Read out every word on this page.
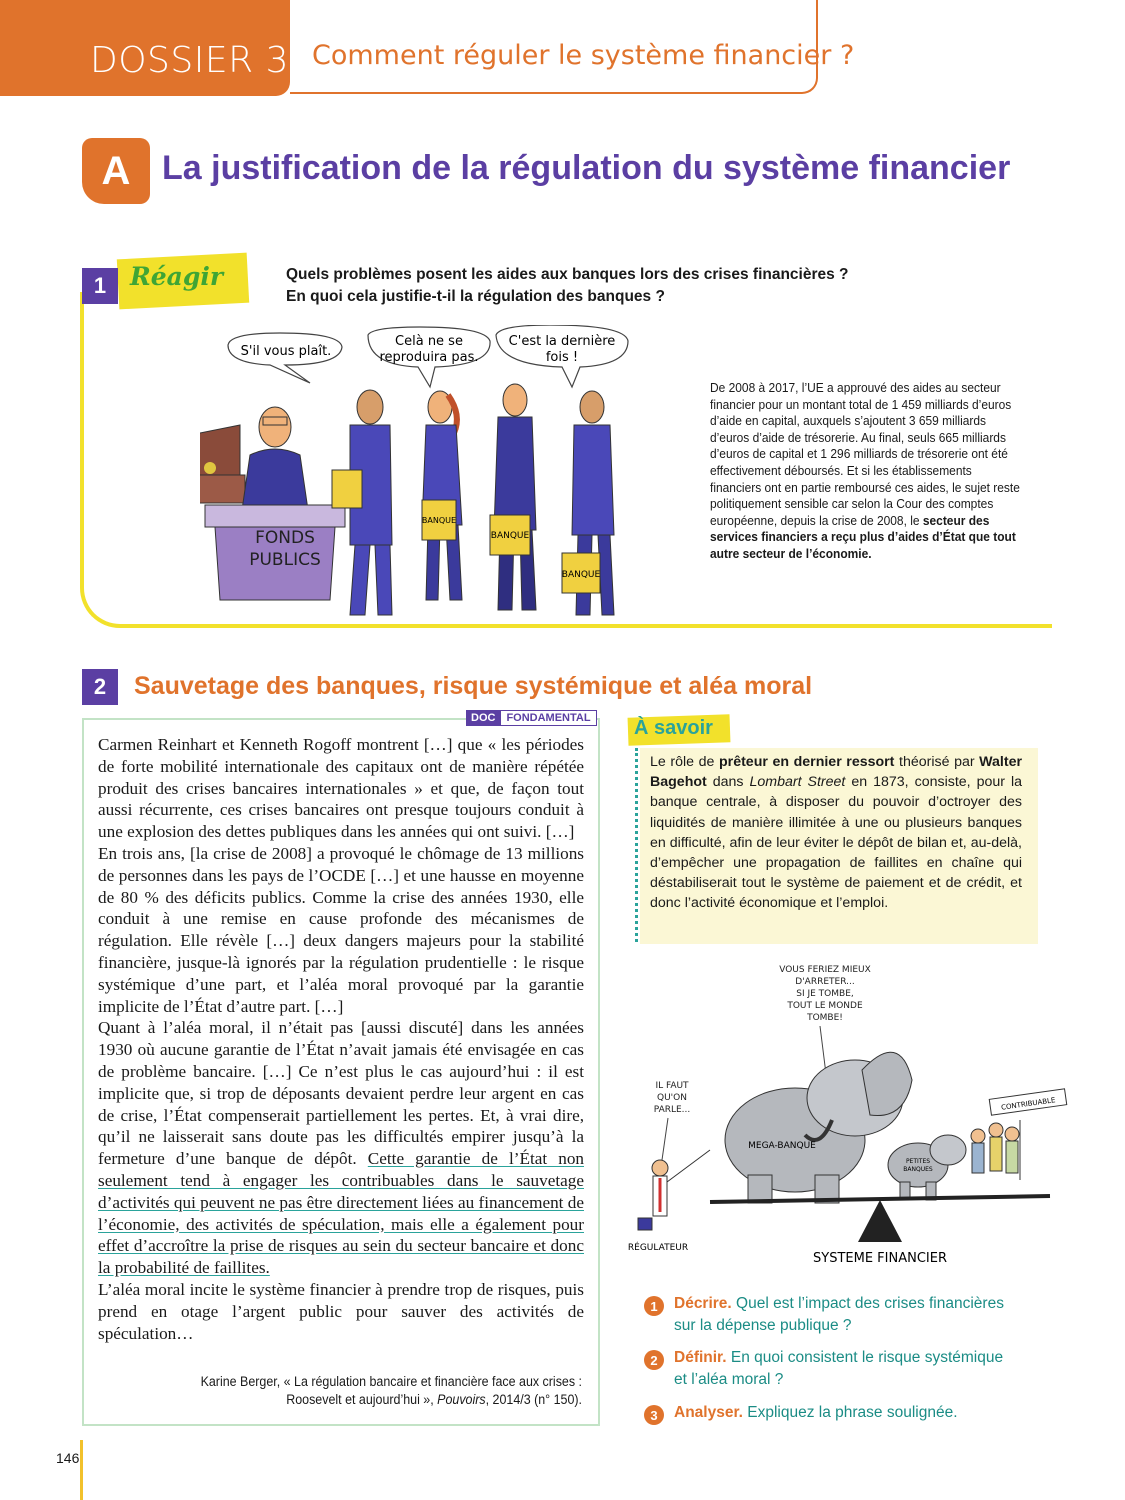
DOSSIER 3 Comment réguler le système financier ?
A La justification de la régulation du système financier
1 Réagir	Quels problèmes posent les aides aux banques lors des crises financières ?
En quoi cela justifie-t-il la régulation des banques ?
S'il vous plaît.
Celà ne se
reproduira pas.
C'est la dernière
fois !
FONDS
PUBLICS
BANQUE
BANQUE
BANQUE
De 2008 à 2017, l’UE a approuvé des aides au secteur financier pour un montant total de 1 459 milliards d’euros d’aide en capital, auxquels s’ajoutent 3 659 milliards d’euros d’aide de trésorerie. Au final, seuls 665 milliards d’euros de capital et 1 296 milliards de trésorerie ont été effectivement déboursés. Et si les établissements financiers ont en partie remboursé ces aides, le sujet reste politiquement sensible car selon la Cour des comptes européenne, depuis la crise de 2008, le secteur des services financiers a reçu plus d’aides d’État que tout autre secteur de l’économie.
2	Sauvetage des banques, risque systémique et aléa moral
DOC	FONDAMENTAL

Carmen Reinhart et Kenneth Rogoff montrent […] que « les périodes de forte mobilité internationale des capitaux ont de manière répétée produit des crises bancaires internationales » et que, de façon tout aussi récurrente, ces crises bancaires ont presque toujours conduit à une explosion des dettes publiques dans les années qui ont suivi. […]

En trois ans, [la crise de 2008] a provoqué le chômage de 13 millions de personnes dans les pays de l’OCDE […] et une hausse en moyenne de 80 % des déficits publics. Comme la crise des années 1930, elle conduit à une remise en cause profonde des mécanismes de régulation. Elle révèle […] deux dangers majeurs pour la stabilité financière, jusque-là ignorés par la régulation prudentielle : le risque systémique d’une part, et l’aléa moral provoqué par la garantie implicite de l’État d’autre part. […]

Quant à l’aléa moral, il n’était pas [aussi discuté] dans les années 1930 où aucune garantie de l’État n’avait jamais été envisagée en cas de problème bancaire. […] Ce n’est plus le cas aujourd’hui : il est implicite que, si trop de déposants devaient perdre leur argent en cas de crise, l’État compenserait partiellement les pertes. Et, à vrai dire, qu’il ne laisserait sans doute pas les difficultés empirer jusqu’à la fermeture d’une banque de dépôt. Cette garantie de l’État non seulement tend à engager les contribuables dans le sauvetage d’activités qui peuvent ne pas être directement liées au financement de l’économie, des activités de spéculation, mais elle a également pour effet d’accroître la prise de risques au sein du secteur bancaire et donc la probabilité de faillites.

L’aléa moral incite le système financier à prendre trop de risques, puis prend en otage l’argent public pour sauver des activités de spéculation…

Karine Berger, « La régulation bancaire et financière face aux crises :
Roosevelt et aujourd’hui », Pouvoirs, 2014/3 (n° 150).
À savoir
Le rôle de prêteur en dernier ressort théorisé par Walter Bagehot dans Lombart Street en 1873, consiste, pour la banque centrale, à disposer du pouvoir d’octroyer des liquidités de manière illimitée à une ou plusieurs banques en difficulté, afin de leur éviter le dépôt de bilan et, au-delà, d’empêcher une propagation de faillites en chaîne qui déstabiliserait tout le système de paiement et de crédit, et donc l’activité économique et l’emploi.
VOUS FERIEZ MIEUX
D'ARRETER...
SI JE TOMBE,
TOUT LE MONDE
TOMBE!
IL FAUT
QU'ON
PARLE...
MEGA-BANQUE
PETITES
BANQUES
CONTRIBUABLE
RÉGULATEUR
SYSTEME FINANCIER
1	Décrire. Quel est l’impact des crises financières
sur la dépense publique ?
2	Définir. En quoi consistent le risque systémique
et l’aléa moral ?
3	Analyser. Expliquez la phrase soulignée.
146
